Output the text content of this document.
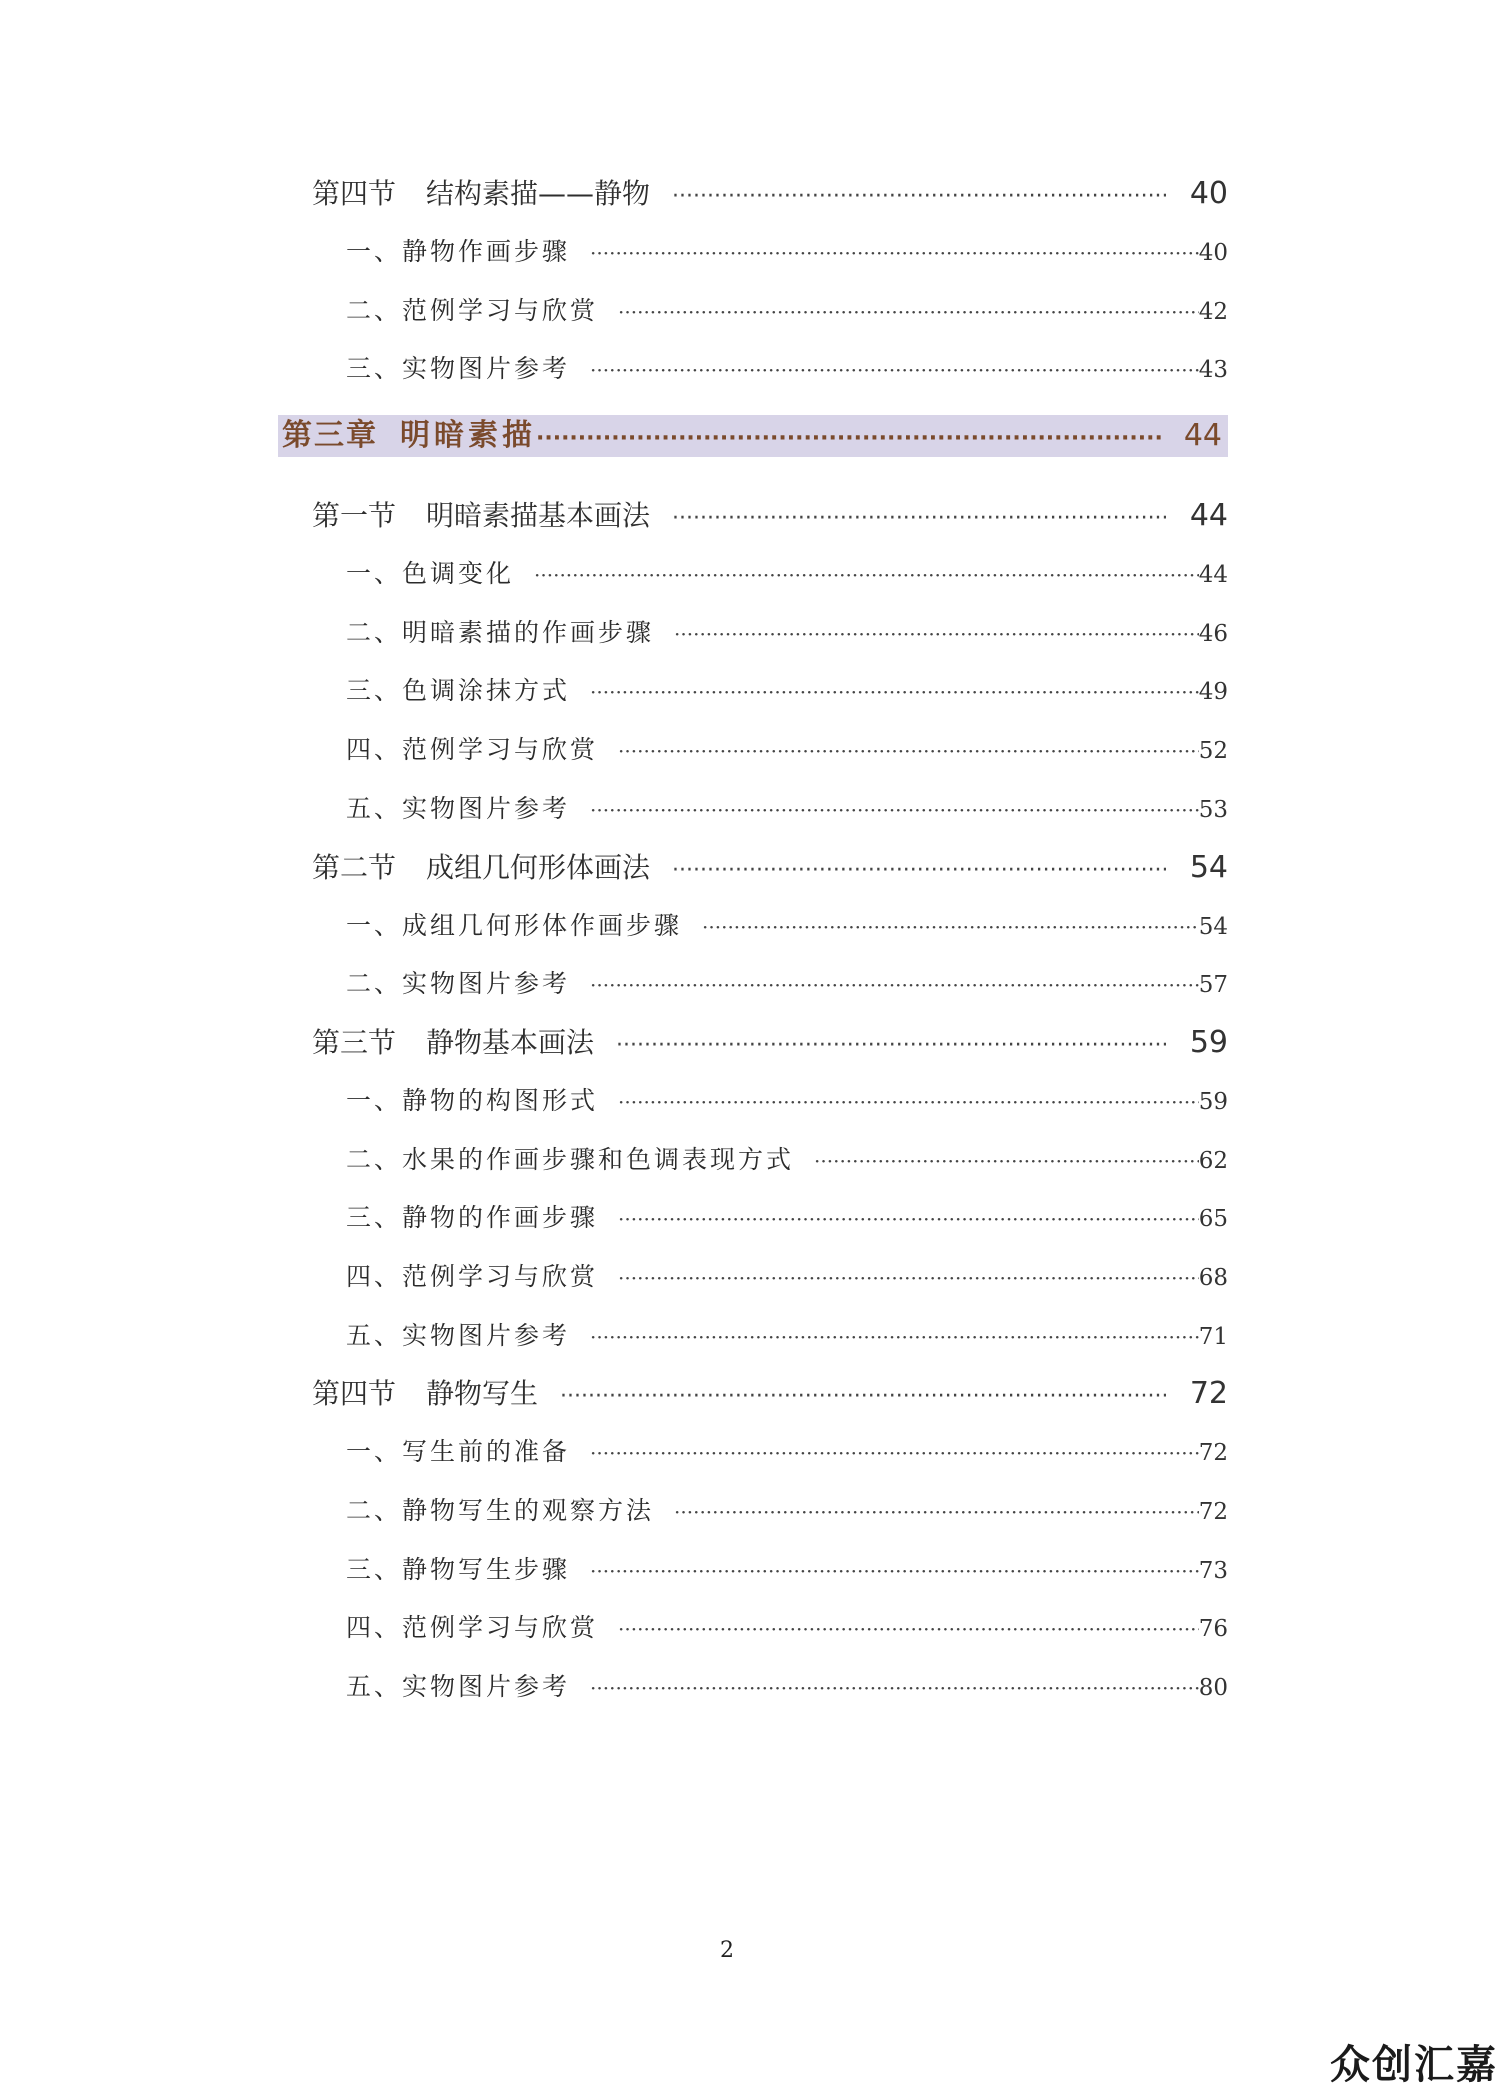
第四节 结构素描——静物 ·····	40
一、静物作画步骤 ·····	40
二、范例学习与欣赏 ·····	42
三、实物图片参考 ·····	43
第三章 明暗素描 ·····	44
第一节 明暗素描基本画法 ·····	44
一、色调变化 ·····	44
二、明暗素描的作画步骤 ·····	46
三、色调涂抹方式 ·····	49
四、范例学习与欣赏 ·····	52
五、实物图片参考 ·····	53
第二节 成组几何形体画法 ·····	54
一、成组几何形体作画步骤 ·····	54
二、实物图片参考 ·····	57
第三节 静物基本画法 ·····	59
一、静物的构图形式 ·····	59
二、水果的作画步骤和色调表现方式 ·····	62
三、静物的作画步骤 ·····	65
四、范例学习与欣赏 ·····	68
五、实物图片参考 ·····	71
第四节 静物写生 ·····	72
一、写生前的准备 ·····	72
二、静物写生的观察方法 ·····	72
三、静物写生步骤 ·····	73
四、范例学习与欣赏 ·····	76
五、实物图片参考 ·····	80
2
众创汇嘉
